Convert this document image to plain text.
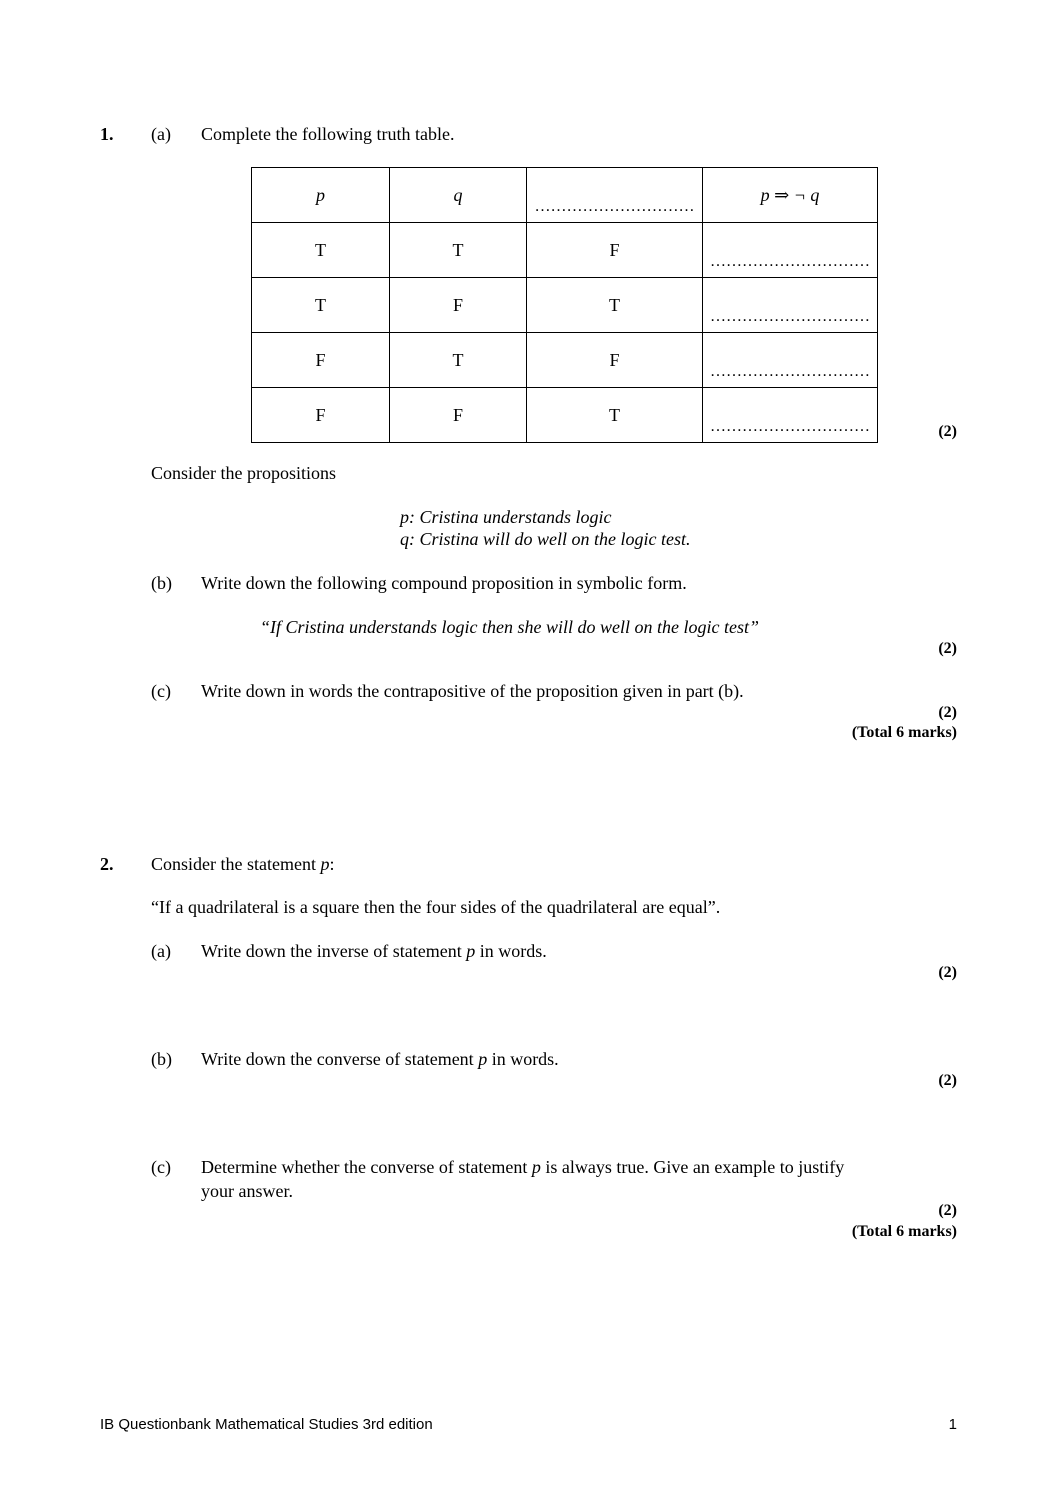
1. (a) Complete the following truth table.
p	q	…………………………	p ⇒ ¬ q
T	T	F	…………………………
T	F	T	…………………………
F	T	F	…………………………
F	F	T	…………………………	(2)
Consider the propositions
p: Cristina understands logic
q: Cristina will do well on the logic test.
(b) Write down the following compound proposition in symbolic form.
“If Cristina understands logic then she will do well on the logic test”
(2)
(c) Write down in words the contrapositive of the proposition given in part (b).
(2)
(Total 6 marks)
2. Consider the statement p:
“If a quadrilateral is a square then the four sides of the quadrilateral are equal”.
(a) Write down the inverse of statement p in words.
(2)
(b) Write down the converse of statement p in words.
(2)
(c) Determine whether the converse of statement p is always true. Give an example to justify
your answer.
(2)
(Total 6 marks)
IB Questionbank Mathematical Studies 3rd edition	1
